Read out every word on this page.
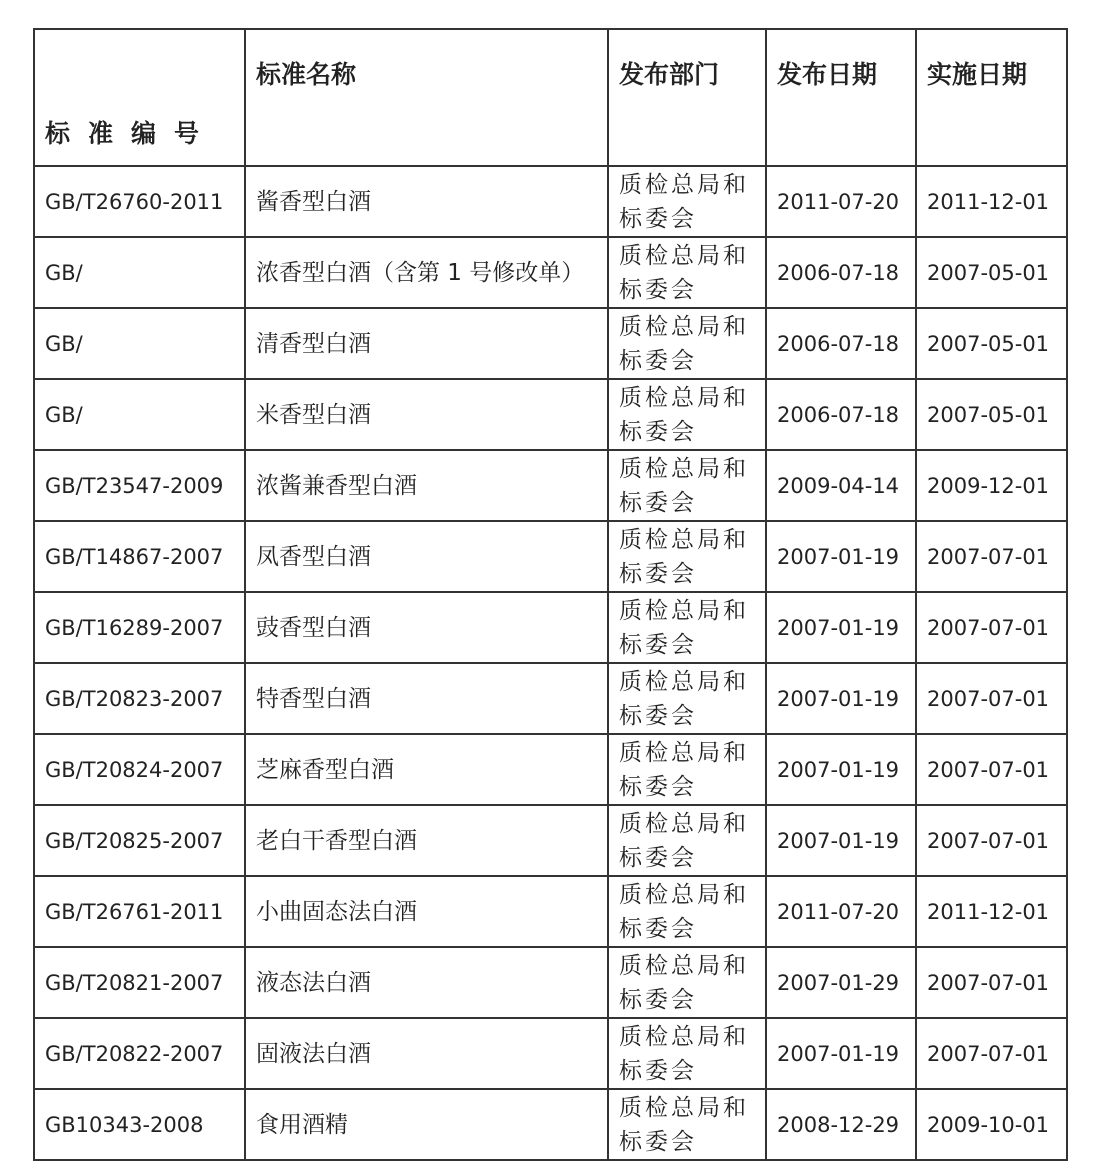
标准编号	标准名称	发布部门	发布日期	实施日期
GB/T26760-2011	酱香型白酒	质检总局和标委会	2011-07-20	2011-12-01
GB/	浓香型白酒（含第 1 号修改单）	质检总局和标委会	2006-07-18	2007-05-01
GB/	清香型白酒	质检总局和标委会	2006-07-18	2007-05-01
GB/	米香型白酒	质检总局和标委会	2006-07-18	2007-05-01
GB/T23547-2009	浓酱兼香型白酒	质检总局和标委会	2009-04-14	2009-12-01
GB/T14867-2007	凤香型白酒	质检总局和标委会	2007-01-19	2007-07-01
GB/T16289-2007	豉香型白酒	质检总局和标委会	2007-01-19	2007-07-01
GB/T20823-2007	特香型白酒	质检总局和标委会	2007-01-19	2007-07-01
GB/T20824-2007	芝麻香型白酒	质检总局和标委会	2007-01-19	2007-07-01
GB/T20825-2007	老白干香型白酒	质检总局和标委会	2007-01-19	2007-07-01
GB/T26761-2011	小曲固态法白酒	质检总局和标委会	2011-07-20	2011-12-01
GB/T20821-2007	液态法白酒	质检总局和标委会	2007-01-29	2007-07-01
GB/T20822-2007	固液法白酒	质检总局和标委会	2007-01-19	2007-07-01
GB10343-2008	食用酒精	质检总局和标委会	2008-12-29	2009-10-01
